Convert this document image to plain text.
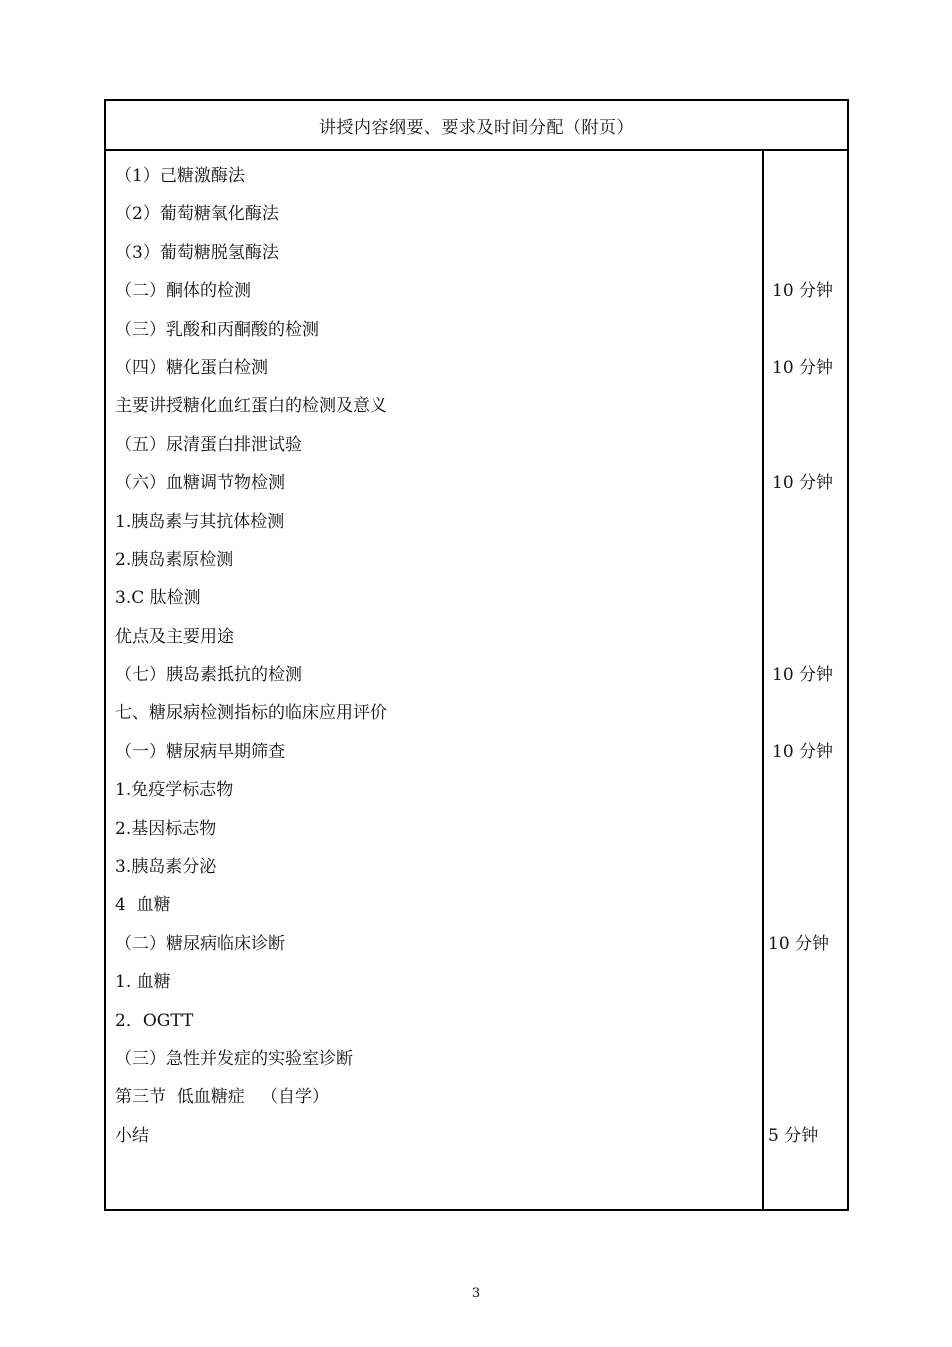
讲授内容纲要、要求及时间分配（附页）
（1）己糖激酶法
（2）葡萄糖氧化酶法
（3）葡萄糖脱氢酶法
（二）酮体的检测
（三）乳酸和丙酮酸的检测
（四）糖化蛋白检测
主要讲授糖化血红蛋白的检测及意义
（五）尿清蛋白排泄试验
（六）血糖调节物检测
1.胰岛素与其抗体检测
2.胰岛素原检测
3.C 肽检测
优点及主要用途
（七）胰岛素抵抗的检测
七、糖尿病检测指标的临床应用评价
（一）糖尿病早期筛查
1.免疫学标志物
2.基因标志物
3.胰岛素分泌
4  血糖
（二）糖尿病临床诊断
1. 血糖
2．OGTT
（三）急性并发症的实验室诊断
第三节  低血糖症   （自学）
小结
10 分钟
10 分钟
10 分钟
10 分钟
10 分钟
10 分钟
5 分钟
3
